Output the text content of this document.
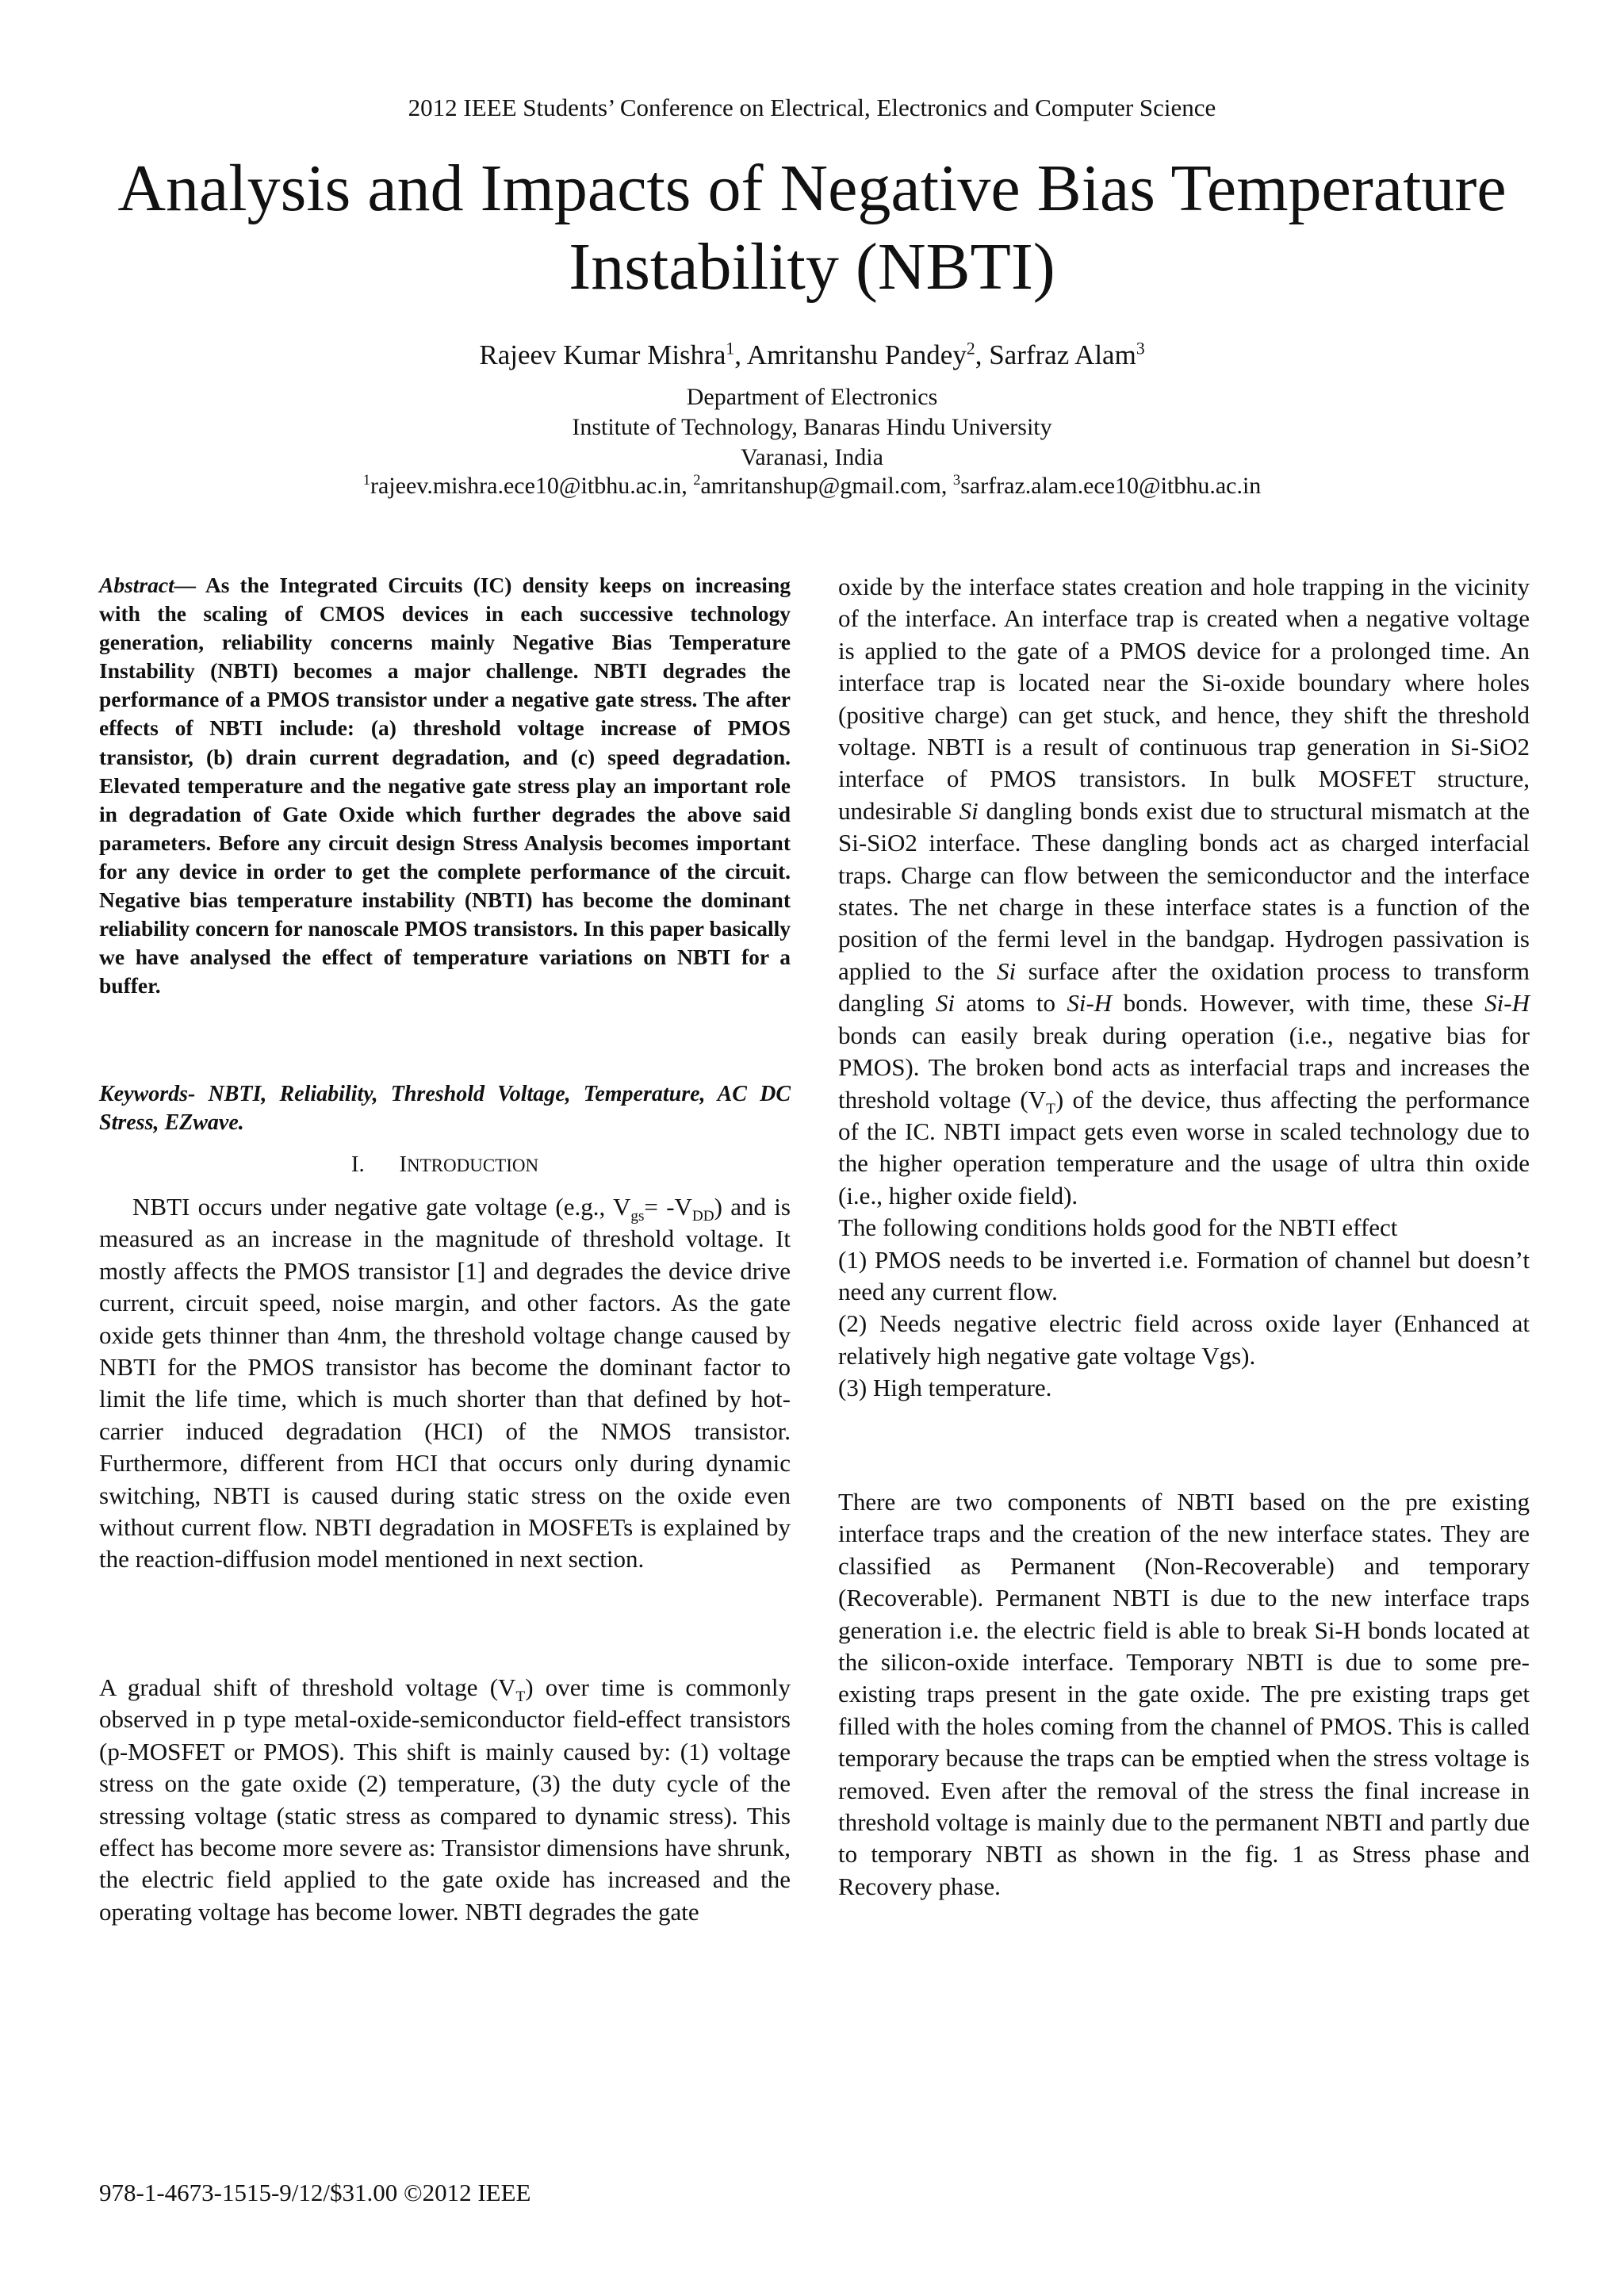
2012 IEEE Students’ Conference on Electrical, Electronics and Computer Science
Analysis and Impacts of Negative Bias Temperature Instability (NBTI)
Rajeev Kumar Mishra$^1$, Amritanshu Pandey$^2$, Sarfraz Alam$^3$
Department of Electronics
Institute of Technology, Banaras Hindu University
Varanasi, India
$^1$rajeev.mishra.ece10@itbhu.ac.in, $^2$amritanshup@gmail.com, $^3$sarfraz.alam.ece10@itbhu.ac.in
Abstract— As the Integrated Circuits (IC) density keeps on increasing with the scaling of CMOS devices in each successive technology generation, reliability concerns mainly Negative Bias Temperature Instability (NBTI) becomes a major challenge. NBTI degrades the performance of a PMOS transistor under a negative gate stress. The after effects of NBTI include: (a) threshold voltage increase of PMOS transistor, (b) drain current degradation, and (c) speed degradation. Elevated temperature and the negative gate stress play an important role in degradation of Gate Oxide which further degrades the above said parameters. Before any circuit design Stress Analysis becomes important for any device in order to get the complete performance of the circuit. Negative bias temperature instability (NBTI) has become the dominant reliability concern for nanoscale PMOS transistors. In this paper basically we have analysed the effect of temperature variations on NBTI for a buffer.
Keywords- NBTI, Reliability, Threshold Voltage, Temperature, AC DC Stress, EZwave.
I. INTRODUCTION

NBTI occurs under negative gate voltage (e.g., $V_{gs}= -V_{DD}$) and is measured as an increase in the magnitude of threshold voltage. It mostly affects the PMOS transistor [1] and degrades the device drive current, circuit speed, noise margin, and other factors. As the gate oxide gets thinner than 4nm, the threshold voltage change caused by NBTI for the PMOS transistor has become the dominant factor to limit the life time, which is much shorter than that defined by hot-carrier induced degradation (HCI) of the NMOS transistor. Furthermore, different from HCI that occurs only during dynamic switching, NBTI is caused during static stress on the oxide even without current flow. NBTI degradation in MOSFETs is explained by the reaction-diffusion model mentioned in next section.

A gradual shift of threshold voltage $(V_T)$ over time is commonly observed in p type metal-oxide-semiconductor field-effect transistors (p-MOSFET or PMOS). This shift is mainly caused by: (1) voltage stress on the gate oxide (2) temperature, (3) the duty cycle of the stressing voltage (static stress as compared to dynamic stress). This effect has become more severe as: Transistor dimensions have shrunk, the electric field applied to the gate oxide has increased and the operating voltage has become lower. NBTI degrades the gate

oxide by the interface states creation and hole trapping in the vicinity of the interface. An interface trap is created when a negative voltage is applied to the gate of a PMOS device for a prolonged time. An interface trap is located near the Si-oxide boundary where holes (positive charge) can get stuck, and hence, they shift the threshold voltage. NBTI is a result of continuous trap generation in Si-SiO2 interface of PMOS transistors. In bulk MOSFET structure, undesirable Si dangling bonds exist due to structural mismatch at the Si-SiO2 interface. These dangling bonds act as charged interfacial traps. Charge can flow between the semiconductor and the interface states. The net charge in these interface states is a function of the position of the fermi level in the bandgap. Hydrogen passivation is applied to the Si surface after the oxidation process to transform dangling Si atoms to Si-H bonds. However, with time, these Si-H bonds can easily break during operation (i.e., negative bias for PMOS). The broken bond acts as interfacial traps and increases the threshold voltage $(V_T)$ of the device, thus affecting the performance of the IC. NBTI impact gets even worse in scaled technology due to the higher operation temperature and the usage of ultra thin oxide (i.e., higher oxide field).

The following conditions holds good for the NBTI effect

(1) PMOS needs to be inverted i.e. Formation of channel but doesn’t need any current flow.

(2) Needs negative electric field across oxide layer (Enhanced at relatively high negative gate voltage Vgs).

(3) High temperature.

There are two components of NBTI based on the pre existing interface traps and the creation of the new interface states. They are classified as Permanent (Non-Recoverable) and temporary (Recoverable). Permanent NBTI is due to the new interface traps generation i.e. the electric field is able to break Si-H bonds located at the silicon-oxide interface. Temporary NBTI is due to some pre-existing traps present in the gate oxide. The pre existing traps get filled with the holes coming from the channel of PMOS. This is called temporary because the traps can be emptied when the stress voltage is removed. Even after the removal of the stress the final increase in threshold voltage is mainly due to the permanent NBTI and partly due to temporary NBTI as shown in the fig. 1 as Stress phase and Recovery phase.

978-1-4673-1515-9/12/$31.00 ©2012 IEEE
